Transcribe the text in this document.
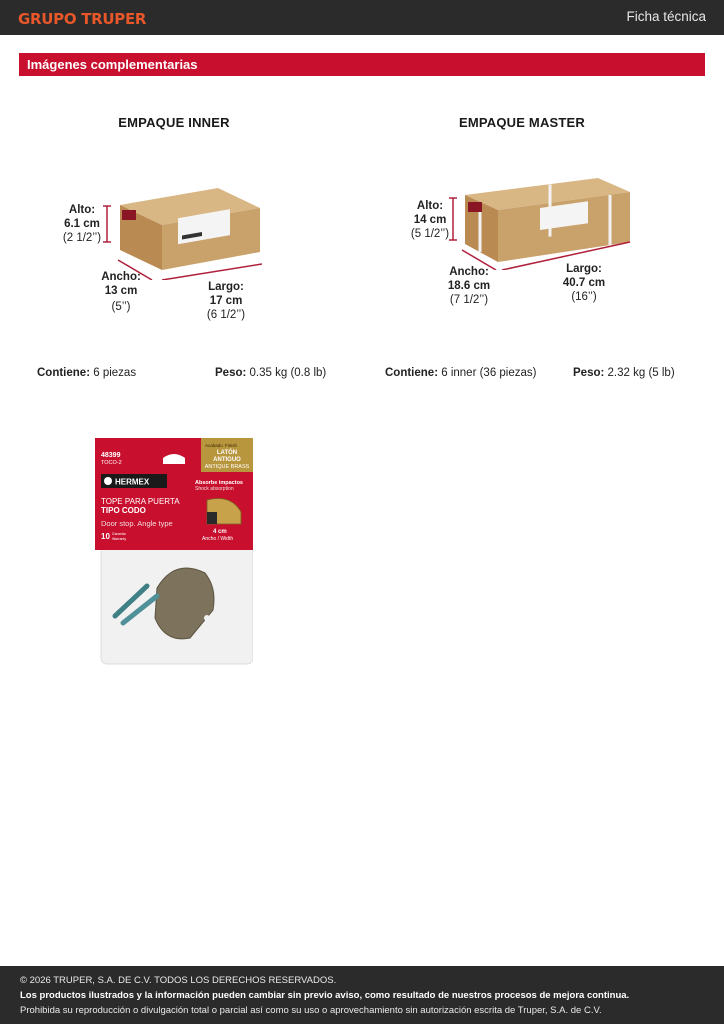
GRUPO TRUPER	Ficha técnica
Imágenes complementarias
EMPAQUE INNER
Alto:
6.1 cm
(2 1/2’’)
Ancho:
13 cm
(5’’)
Largo:
17 cm
(6 1/2’’)
Contiene: 6 piezas	Peso: 0.35 kg (0.8 lb)
EMPAQUE MASTER
Alto:
14 cm
(5 1/2’’)
Ancho:
18.6 cm
(7 1/2’’)
Largo:
40.7 cm
(16’’)
Contiene: 6 inner (36 piezas)	Peso: 2.32 kg (5 lb)
Acabado Finish
LATÓN
ANTIGUO
ANTIQUE BRASS
48399
TOCO-2
HERMEX
TOPE PARA PUERTA
TIPO CODO
Door stop. Angle type
10 Garantía
Warranty
Absorbe impactos
Shock absorption
4 cm
Ancho / Width

© 2026 TRUPER, S.A. DE C.V. TODOS LOS DERECHOS RESERVADOS.

Los productos ilustrados y la información pueden cambiar sin previo aviso, como resultado de nuestros procesos de mejora continua.

Prohibida su reproducción o divulgación total o parcial así como su uso o aprovechamiento sin autorización escrita de Truper, S.A. de C.V.
